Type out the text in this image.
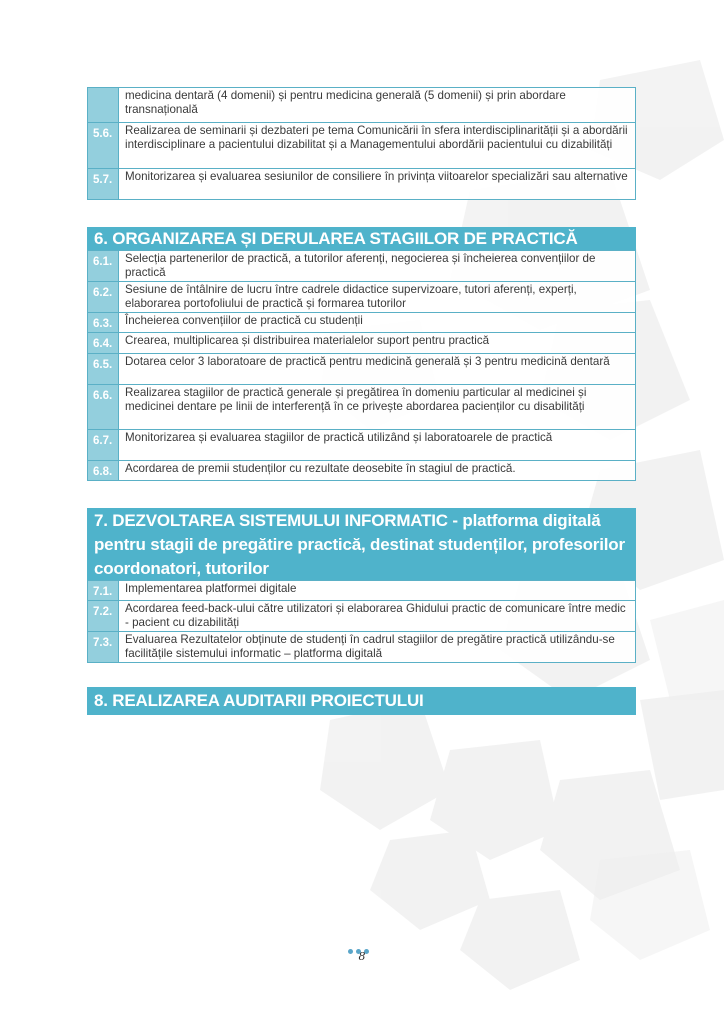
	medicina dentară (4 domenii) și pentru medicina generală (5 domenii) și prin abordare transnațională
5.6.	Realizarea de seminarii și dezbateri pe tema Comunicării în sfera interdisciplinarității și a abordării interdisciplinare a pacientului dizabilitat și a Managementului abordării pacientului cu dizabilități
5.7.	Monitorizarea și evaluarea sesiunilor de consiliere în privința viitoarelor specializări sau alternative
6. ORGANIZAREA ȘI DERULAREA STAGIILOR DE PRACTICĂ
6.1.	Selecția partenerilor de practică, a tutorilor aferenți, negocierea și încheierea convențiilor de practică
6.2.	Sesiune de întâlnire de lucru între cadrele didactice supervizoare, tutori aferenți, experți, elaborarea portofoliului de practică și formarea tutorilor
6.3.	Încheierea convențiilor de practică cu studenții
6.4.	Crearea, multiplicarea și distribuirea materialelor suport pentru practică
6.5.	Dotarea celor 3 laboratoare de practică pentru medicină generală și 3 pentru medicină dentară
6.6.	Realizarea stagiilor de practică generale și pregătirea în domeniu particular al medicinei și medicinei dentare pe linii de interferență în ce privește abordarea pacienților cu disabilități
6.7.	Monitorizarea și evaluarea stagiilor de practică utilizând și laboratoarele de practică
6.8.	Acordarea de premii studenților cu rezultate deosebite în stagiul de practică.
7. DEZVOLTAREA SISTEMULUI INFORMATIC - platforma digitală pentru stagii de pregătire practică, destinat studenților, profesorilor coordonatori, tutorilor
7.1.	Implementarea platformei digitale
7.2.	Acordarea feed-back-ului către utilizatori și elaborarea Ghidului practic de comunicare între medic - pacient cu dizabilități
7.3.	Evaluarea Rezultatelor obținute de studenți în cadrul stagiilor de pregătire practică utilizându-se facilitățile sistemului informatic – platforma digitală
8. REALIZAREA AUDITARII PROIECTULUI
8
